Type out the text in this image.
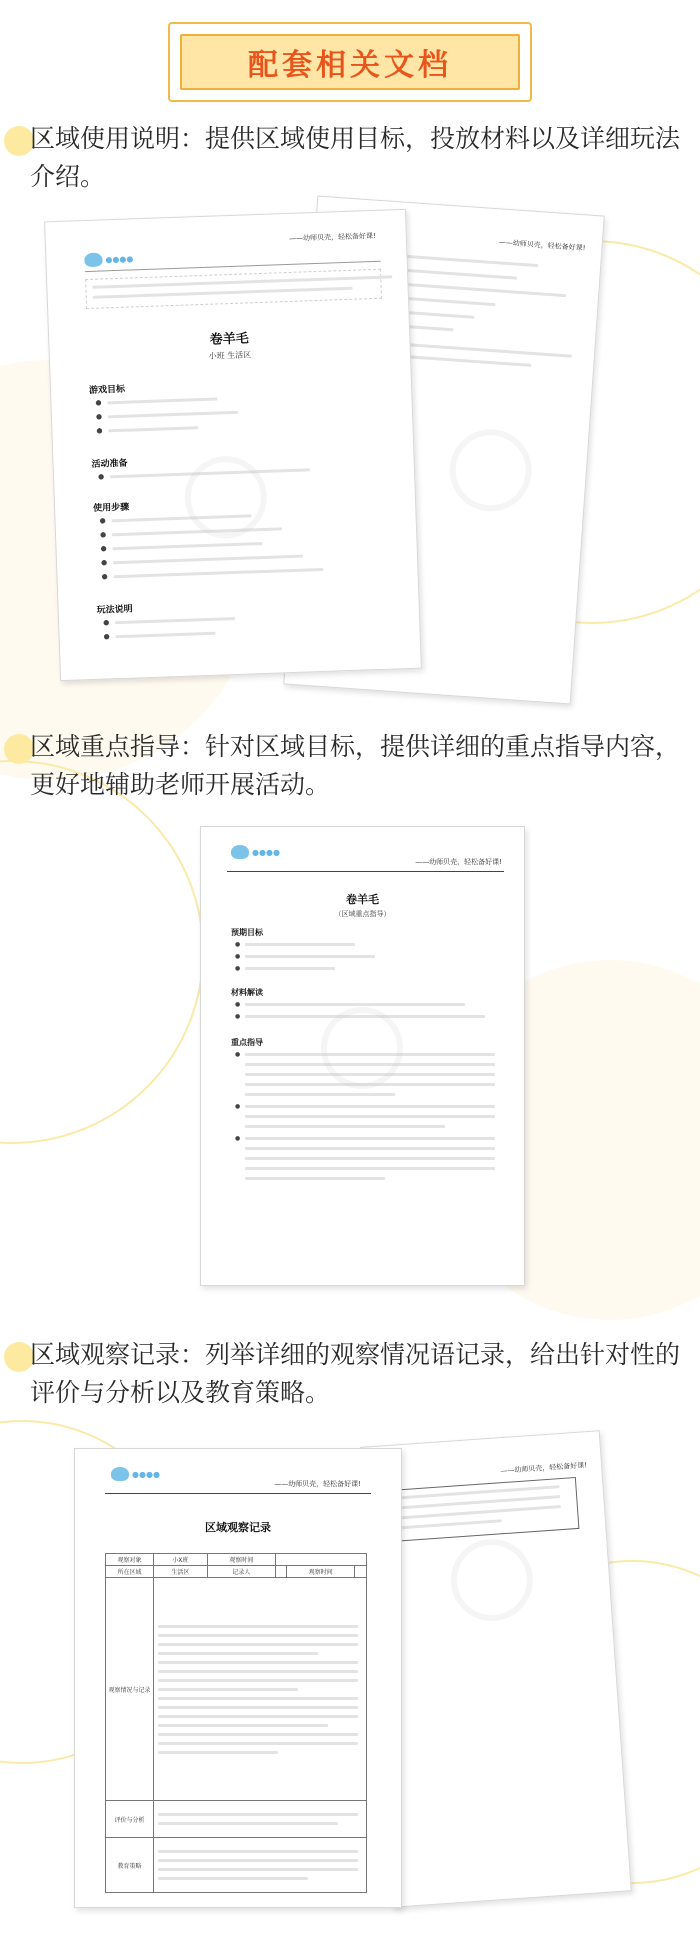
配套相关文档
区域使用说明：提供区域使用目标，投放材料以及详细玩法介绍。
——幼师贝壳，轻松备好课!
●●●●
——幼师贝壳，轻松备好课!
卷羊毛
小班 生活区
游戏目标
●
●
●
活动准备
●
使用步骤
●
●
●
●
●
玩法说明
●
●
区域重点指导：针对区域目标，提供详细的重点指导内容，更好地辅助老师开展活动。
●●●●
——幼师贝壳，轻松备好课!
卷羊毛
（区域重点指导）
预期目标
●
●
●
材料解读
●
●
重点指导
●
●
●
区域观察记录：列举详细的观察情况语记录，给出针对性的评价与分析以及教育策略。
——幼师贝壳，轻松备好课!
●●●●
——幼师贝壳，轻松备好课!
区域观察记录
观察对象	小X班	观察时间			
所在区域	生活区	记录人		观察时间	
观察情况与记录					

评价与分析					

教育策略					
